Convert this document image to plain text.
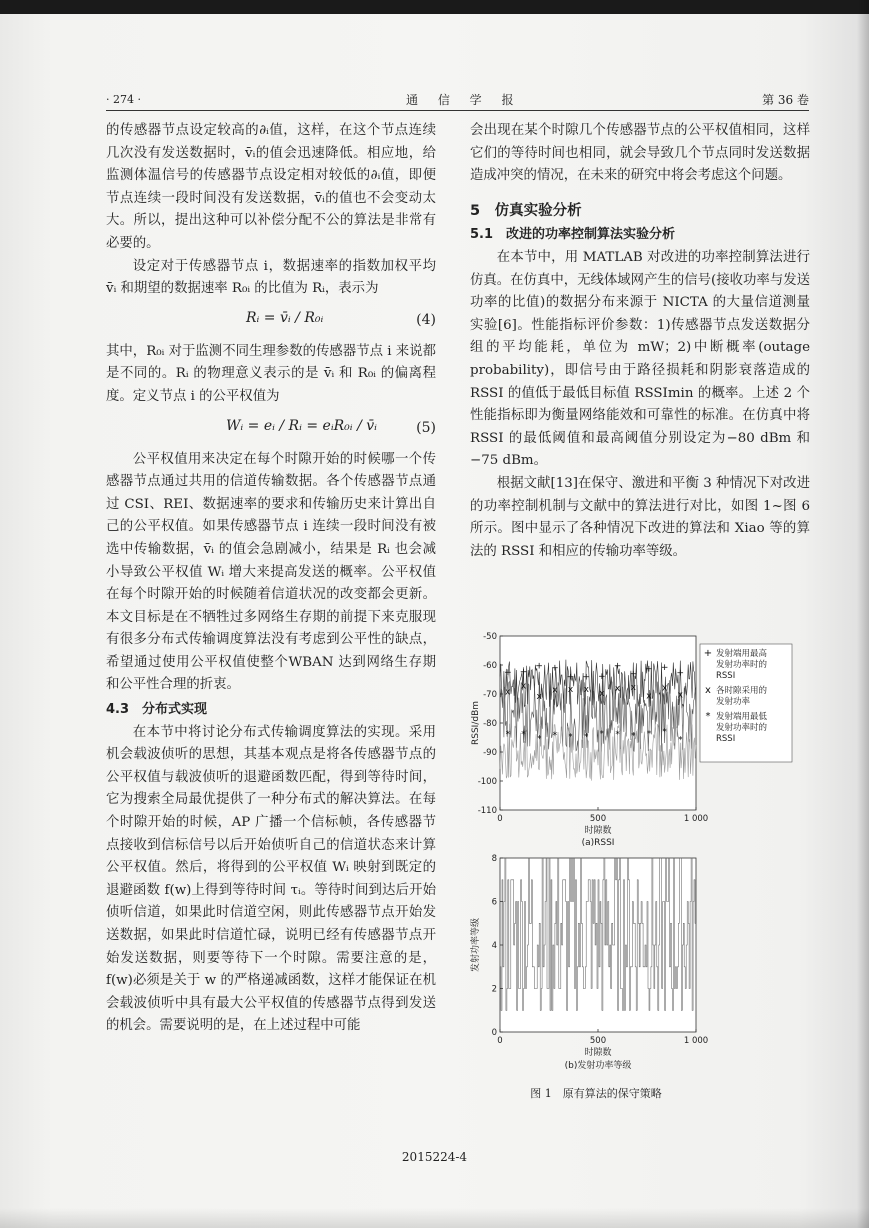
· 274 ·	通 信 学 报	第 36 卷

的传感器节点设定较高的∂ᵢ值，这样，在这个节点连续几次没有发送数据时，v̄ᵢ的值会迅速降低。相应地，给监测体温信号的传感器节点设定相对较低的∂ᵢ值，即便节点连续一段时间没有发送数据，v̄ᵢ的值也不会变动太大。所以，提出这种可以补偿分配不公的算法是非常有必要的。

设定对于传感器节点 i，数据速率的指数加权平均 v̄ᵢ 和期望的数据速率 R₀ᵢ 的比值为 Rᵢ，表示为

Rᵢ = v̄ᵢ / R₀ᵢ	(4)

其中，R₀ᵢ 对于监测不同生理参数的传感器节点 i 来说都是不同的。Rᵢ 的物理意义表示的是 v̄ᵢ 和 R₀ᵢ 的偏离程度。定义节点 i 的公平权值为

Wᵢ = eᵢ / Rᵢ = eᵢR₀ᵢ / v̄ᵢ	(5)

公平权值用来决定在每个时隙开始的时候哪一个传感器节点通过共用的信道传输数据。各个传感器节点通过 CSI、REI、数据速率的要求和传输历史来计算出自己的公平权值。如果传感器节点 i 连续一段时间没有被选中传输数据，v̄ᵢ 的值会急剧减小，结果是 Rᵢ 也会减小导致公平权值 Wᵢ 增大来提高发送的概率。公平权值在每个时隙开始的时候随着信道状况的改变都会更新。本文目标是在不牺牲过多网络生存期的前提下来克服现有很多分布式传输调度算法没有考虑到公平性的缺点，希望通过使用公平权值使整个WBAN 达到网络生存期和公平性合理的折衷。

4.3　分布式实现

在本节中将讨论分布式传输调度算法的实现。采用机会载波侦听的思想，其基本观点是将各传感器节点的公平权值与载波侦听的退避函数匹配，得到等待时间，它为搜索全局最优提供了一种分布式的解决算法。在每个时隙开始的时候，AP 广播一个信标帧，各传感器节点接收到信标信号以后开始侦听自己的信道状态来计算公平权值。然后，将得到的公平权值 Wᵢ 映射到既定的退避函数 f(w)上得到等待时间 τᵢ。等待时间到达后开始侦听信道，如果此时信道空闲，则此传感器节点开始发送数据，如果此时信道忙碌，说明已经有传感器节点开始发送数据，则要等待下一个时隙。需要注意的是，f(w)必须是关于 w 的严格递减函数，这样才能保证在机会载波侦听中具有最大公平权值的传感器节点得到发送的机会。需要说明的是，在上述过程中可能

会出现在某个时隙几个传感器节点的公平权值相同，这样它们的等待时间也相同，就会导致几个节点同时发送数据造成冲突的情况，在未来的研究中将会考虑这个问题。

5　仿真实验分析
5.1　改进的功率控制算法实验分析

在本节中，用 MATLAB 对改进的功率控制算法进行仿真。在仿真中，无线体域网产生的信号(接收功率与发送功率的比值)的数据分布来源于 NICTA 的大量信道测量实验[6]。性能指标评价参数：1)传感器节点发送数据分组的平均能耗，单位为 mW；2)中断概率(outage probability)，即信号由于路径损耗和阴影衰落造成的 RSSI 的值低于最低目标值 RSSImin 的概率。上述 2 个性能指标即为衡量网络能效和可靠性的标准。在仿真中将 RSSI 的最低阈值和最高阈值分别设定为−80 dBm 和−75 dBm。

根据文献[13]在保守、激进和平衡 3 种情况下对改进的功率控制机制与文献中的算法进行对比，如图 1~图 6 所示。图中显示了各种情况下改进的算法和 Xiao 等的算法的 RSSI 和相应的传输功率等级。

+ +
+ +
+ + +
+
+ + +
+
x
x
x
x x x x x x
x
x
x
* * * * * * * * * * *
*
-50
-60
-70
-80
-90
-100
-110
0	500	1 000
时隙数
(a)RSSI
RSSI/dBm
+ 发射端用最高
发射功率时的
RSSI
x 各时隙采用的
发射功率
* 发射端用最低
发射功率时的
RSSI
0
2
4
6
8
0	500	1 000
时隙数
(b)发射功率等级
发射功率等级
图 1　原有算法的保守策略
2015224-4
